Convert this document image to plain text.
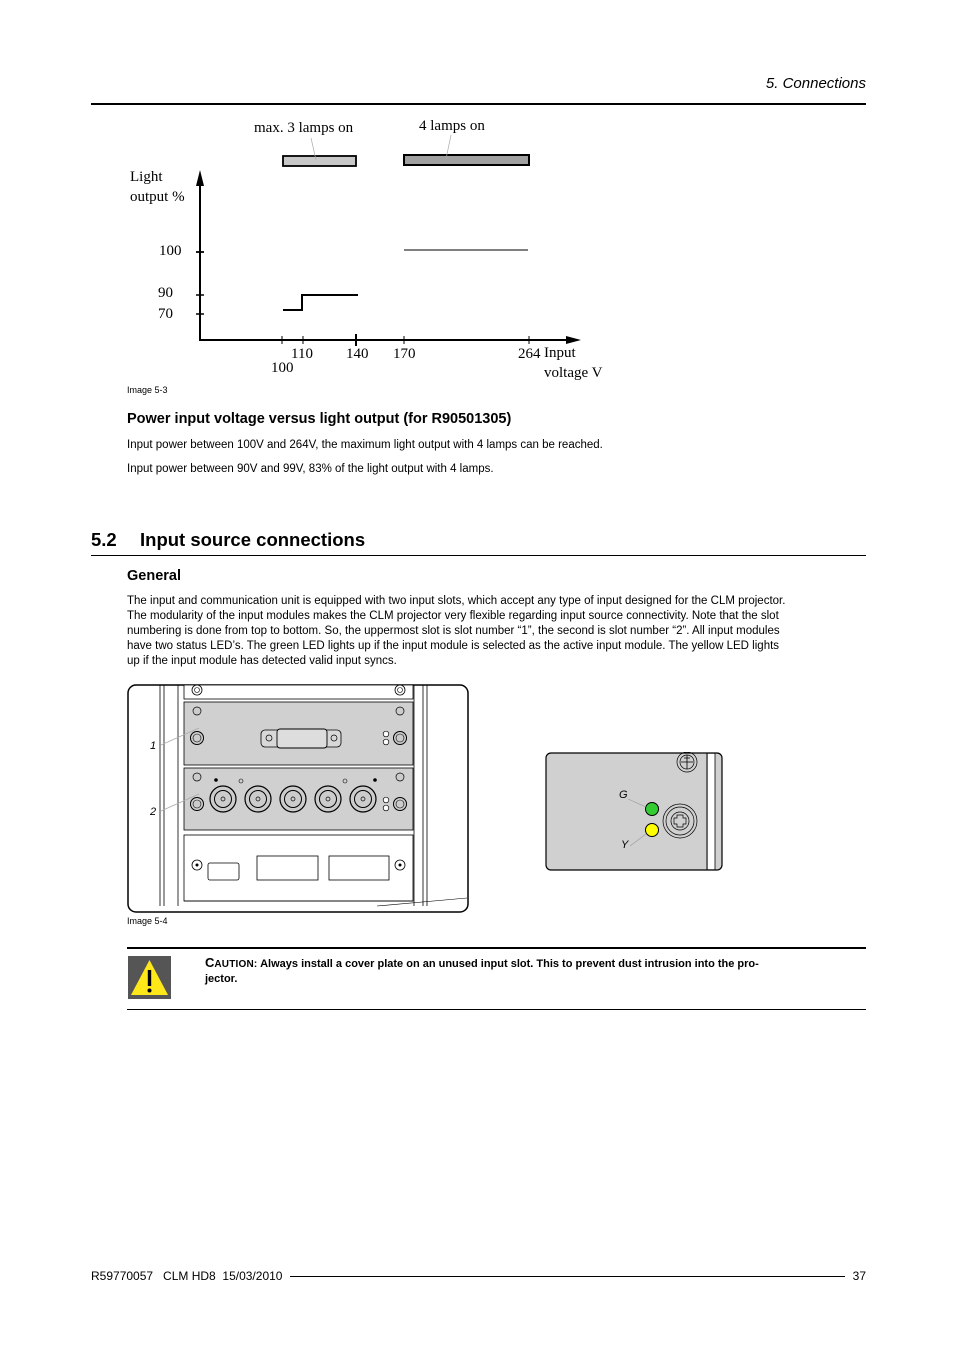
5. Connections
max. 3 lamps on	4 lamps on
Light
output %
100
90
70
110 140 170	264
100
Input
voltage V
Image 5-3
Power input voltage versus light output (for R90501305)
Input power between 100V and 264V, the maximum light output with 4 lamps can be reached.
Input power between 90V and 99V, 83% of the light output with 4 lamps.
5.2 Input source connections
General
The input and communication unit is equipped with two input slots, which accept any type of input designed for the CLM projector.
The modularity of the input modules makes the CLM projector very flexible regarding input source connectivity. Note that the slot
numbering is done from top to bottom. So, the uppermost slot is slot number “1”, the second is slot number “2”. All input modules
have two status LED’s. The green LED lights up if the input module is selected as the active input module. The yellow LED lights
up if the input module has detected valid input syncs.
1
2
G
Y
Image 5-4
CAUTION: Always install a cover plate on an unused input slot. This to prevent dust intrusion into the pro-
jector.
R59770057   CLM HD8  15/03/2010	37
